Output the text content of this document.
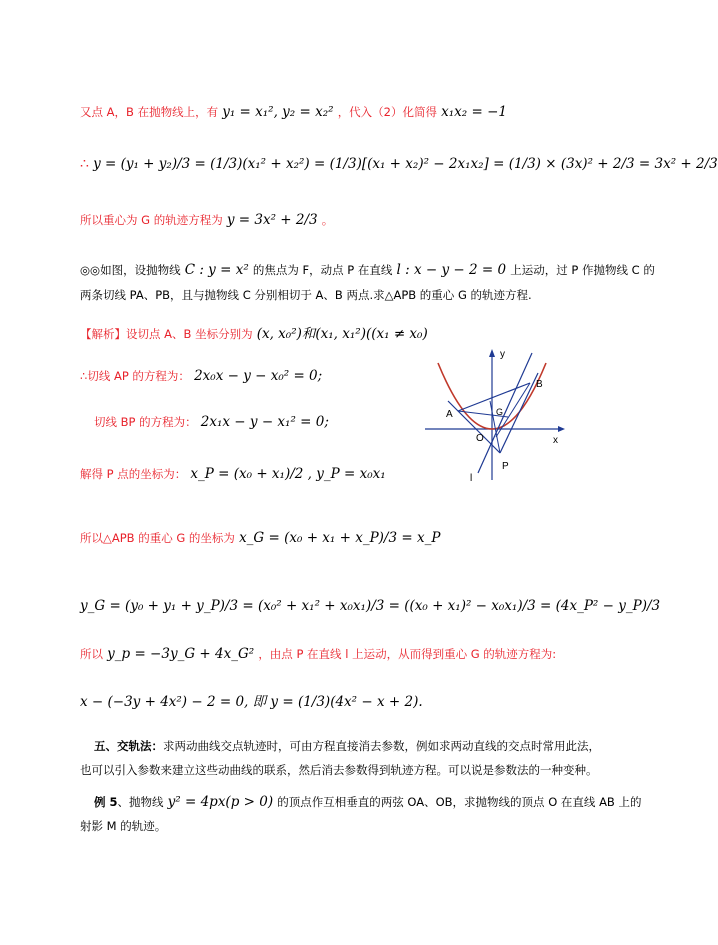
又点 A，B 在抛物线上，有 y₁ = x₁², y₂ = x₂² ，代入（2）化简得 x₁x₂ = −1
∴ y = (y₁ + y₂)/3 = (1/3)(x₁² + x₂²) = (1/3)[(x₁ + x₂)² − 2x₁x₂] = (1/3) × (3x)² + 2/3 = 3x² + 2/3
所以重心为 G 的轨迹方程为 y = 3x² + 2/3 。
◎◎如图，设抛物线 C : y = x² 的焦点为 F，动点 P 在直线 l : x − y − 2 = 0 上运动，过 P 作抛物线 C 的
两条切线 PA、PB，且与抛物线 C 分别相切于 A、B 两点.求△APB 的重心 G 的轨迹方程.
【解析】设切点 A、B 坐标分别为 (x, x₀²)和(x₁, x₁²)((x₁ ≠ x₀)
∴切线 AP 的方程为： 2x₀x − y − x₀² = 0;
切线 BP 的方程为： 2x₁x − y − x₁² = 0;
解得 P 点的坐标为： x_P = (x₀ + x₁)/2 , y_P = x₀x₁
所以△APB 的重心 G 的坐标为 x_G = (x₀ + x₁ + x_P)/3 = x_P
y_G = (y₀ + y₁ + y_P)/3 = (x₀² + x₁² + x₀x₁)/3 = ((x₀ + x₁)² − x₀x₁)/3 = (4x_P² − y_P)/3
所以 y_p = −3y_G + 4x_G² ，由点 P 在直线 l 上运动，从而得到重心 G 的轨迹方程为:
x − (−3y + 4x²) − 2 = 0, 即 y = (1/3)(4x² − x + 2).
五、交轨法：求两动曲线交点轨迹时，可由方程直接消去参数，例如求两动直线的交点时常用此法，
也可以引入参数来建立这些动曲线的联系，然后消去参数得到轨迹方程。可以说是参数法的一种变种。
例 5、抛物线 y² = 4px(p > 0) 的顶点作互相垂直的两弦 OA、OB，求抛物线的顶点 O 在直线 AB 上的
射影 M 的轨迹。
y
x
A
B
G
O
P
l
